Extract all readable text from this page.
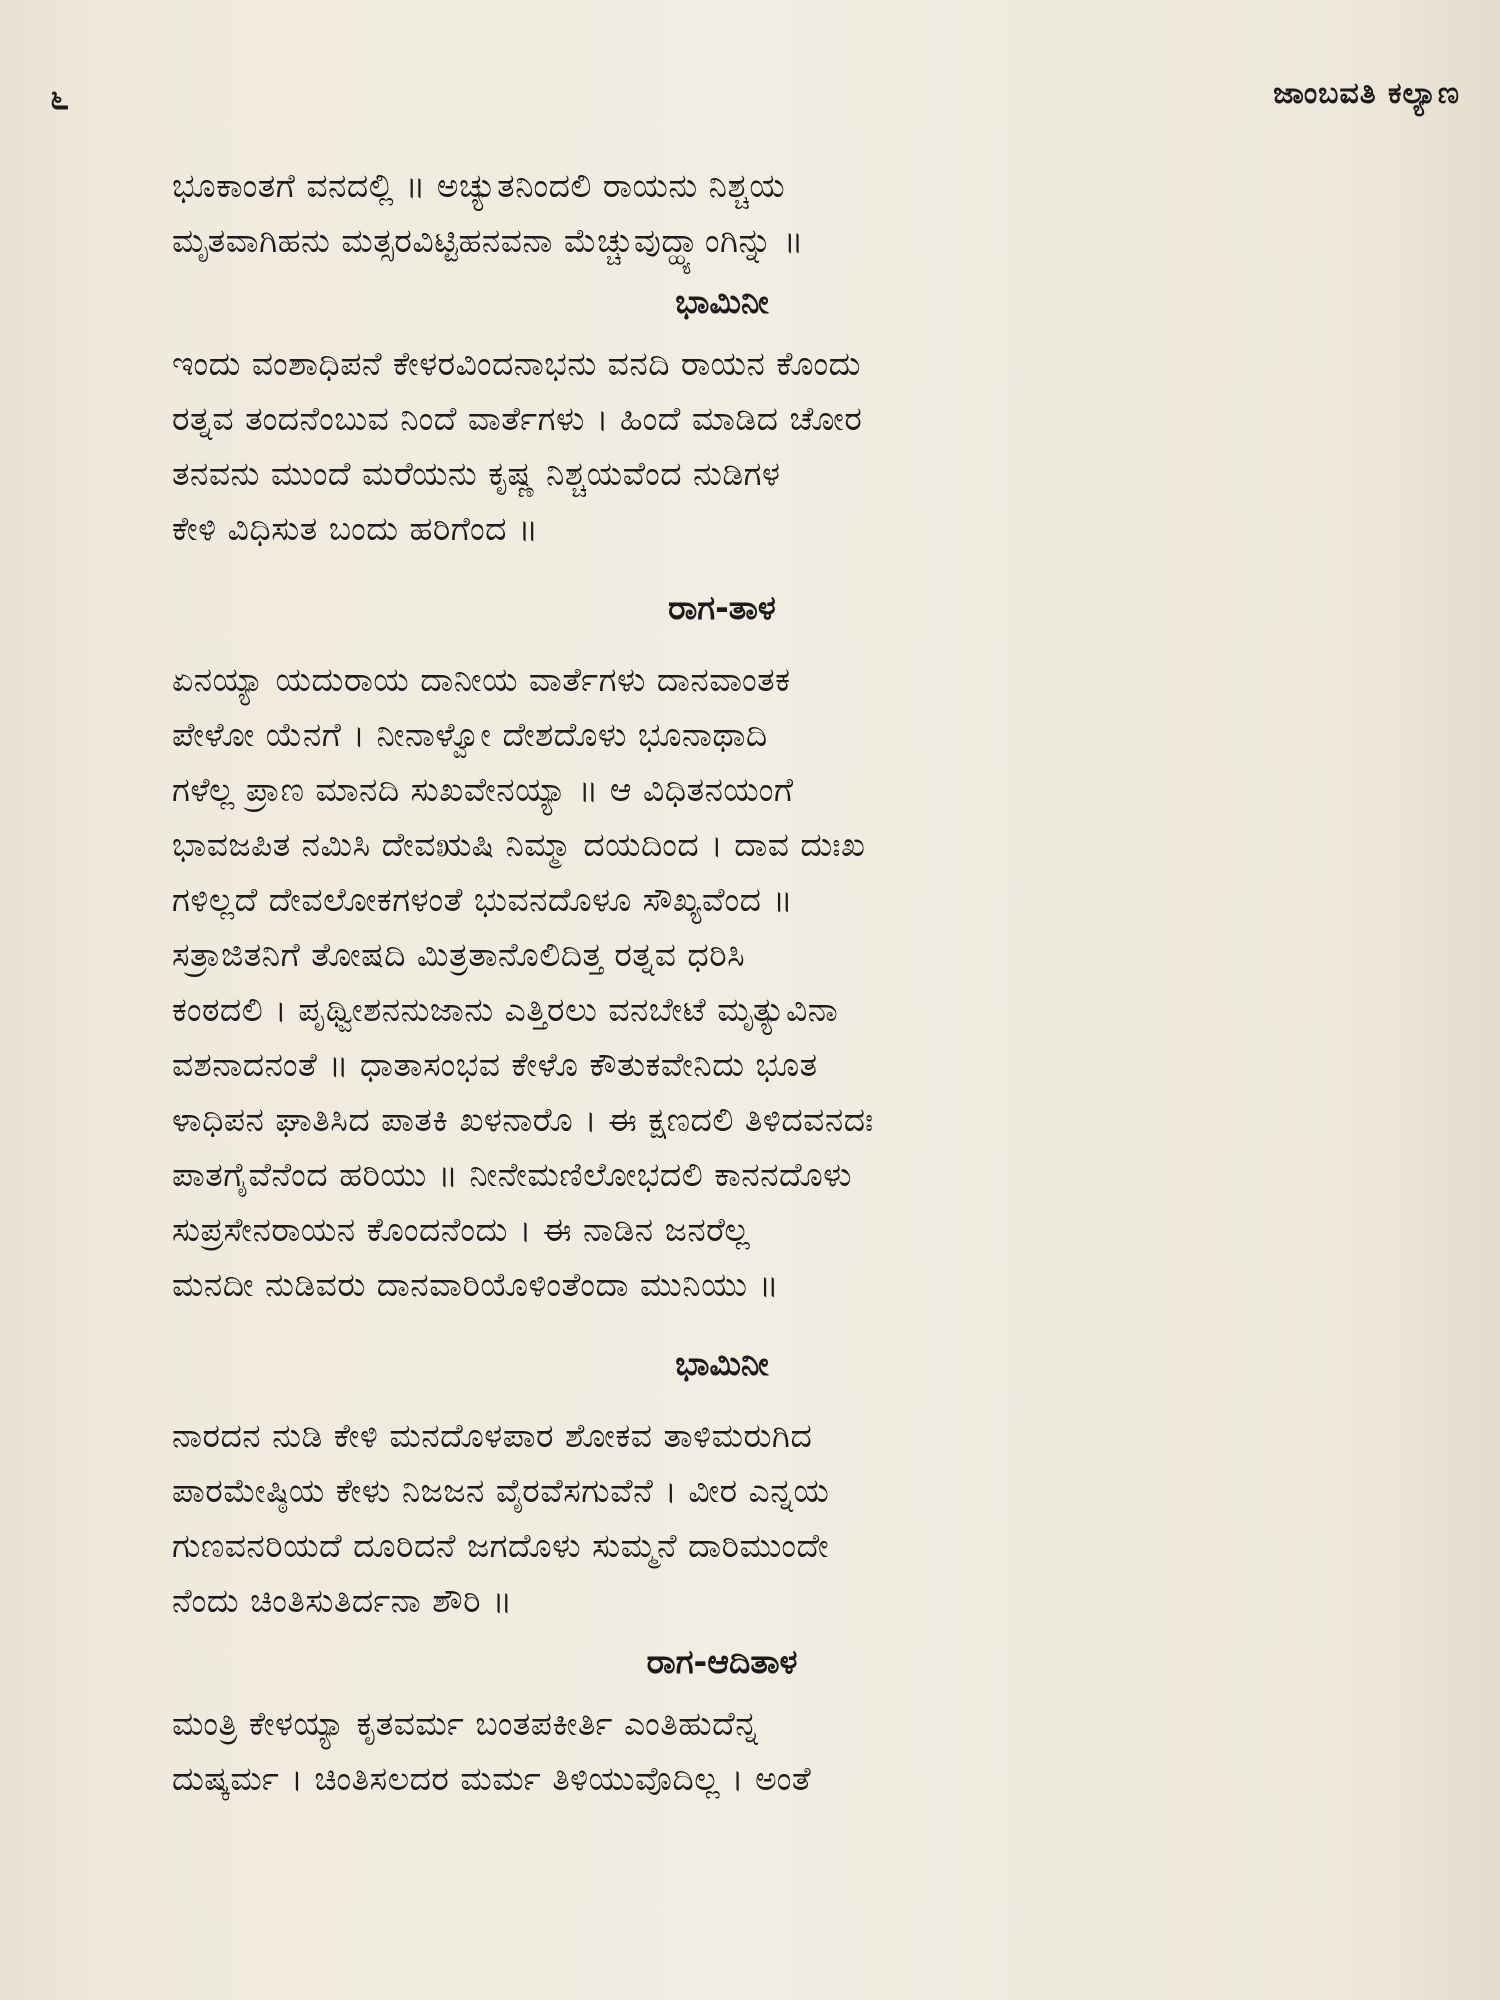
೬	ಜಾಂಬವತಿ ಕಲ್ಯಾಣ
ಭೂಕಾಂತಗೆ ವನದಲ್ಲಿ ॥ ಅಚ್ಯುತನಿಂದಲಿ ರಾಯನು ನಿಶ್ಚಯ
ಮೃತವಾಗಿಹನು ಮತ್ಸರವಿಟ್ಟಿಹನವನಾ ಮೆಚ್ಚುವುದ್ಹ್ಯಾಂಗಿನ್ನು ॥
ಭಾಮಿನೀ
ಇಂದು ವಂಶಾಧಿಪನೆ ಕೇಳರವಿಂದನಾಭನು ವನದಿ ರಾಯನ ಕೊಂದು
ರತ್ನವ ತಂದನೆಂಬುವ ನಿಂದೆ ವಾರ್ತೆಗಳು । ಹಿಂದೆ ಮಾಡಿದ ಚೋರ
ತನವನು ಮುಂದೆ ಮರೆಯನು ಕೃಷ್ಣ ನಿಶ್ಚಯವೆಂದ ನುಡಿಗಳ
ಕೇಳಿ ವಿಧಿಸುತ ಬಂದು ಹರಿಗೆಂದ ॥
ರಾಗ-ತಾಳ
ಏನಯ್ಯಾ ಯದುರಾಯ ದಾನೀಯ ವಾರ್ತೆಗಳು ದಾನವಾಂತಕ
ಪೇಳೋ ಯೆನಗೆ । ನೀನಾಳ್ವೋ ದೇಶದೊಳು ಭೂನಾಥಾದಿ
ಗಳೆಲ್ಲ ಪ್ರಾಣ ಮಾನದಿ ಸುಖವೇನಯ್ಯಾ ॥ ಆ ವಿಧಿತನಯಂಗೆ
ಭಾವಜಪಿತ ನಮಿಸಿ ದೇವಋಷಿ ನಿಮ್ಮಾ ದಯದಿಂದ । ದಾವ ದುಃಖ
ಗಳಿಲ್ಲದೆ ದೇವಲೋಕಗಳಂತೆ ಭುವನದೊಳೂ ಸೌಖ್ಯವೆಂದ ॥
ಸತ್ರಾಜಿತನಿಗೆ ತೋಷದಿ ಮಿತ್ರತಾನೊಲಿದಿತ್ತ ರತ್ನವ ಧರಿಸಿ
ಕಂಠದಲಿ । ಪೃಥ್ವೀಶನನುಜಾನು ಎತ್ತಿರಲು ವನಬೇಟೆ ಮೃತ್ಯುವಿನಾ
ವಶನಾದನಂತೆ ॥ ಧಾತಾಸಂಭವ ಕೇಳೊ ಕೌತುಕವೇನಿದು ಭೂತ
ಳಾಧಿಪನ ಘಾತಿಸಿದ ಪಾತಕಿ ಖಳನಾರೊ । ಈ ಕ್ಷಣದಲಿ ತಿಳಿದವನದಃ
ಪಾತಗೈವೆನೆಂದ ಹರಿಯು ॥ ನೀನೇಮಣಿಲೋಭದಲಿ ಕಾನನದೊಳು
ಸುಪ್ರಸೇನರಾಯನ ಕೊಂದನೆಂದು । ಈ ನಾಡಿನ ಜನರೆಲ್ಲ
ಮನದೀ ನುಡಿವರು ದಾನವಾರಿಯೊಳಿಂತೆಂದಾ ಮುನಿಯು ॥
ಭಾಮಿನೀ
ನಾರದನ ನುಡಿ ಕೇಳಿ ಮನದೊಳಪಾರ ಶೋಕವ ತಾಳಿಮರುಗಿದ
ಪಾರಮೇಷ್ಠಿಯ ಕೇಳು ನಿಜಜನ ವೈರವೆಸಗುವೆನೆ । ವೀರ ಎನ್ನಯ
ಗುಣವನರಿಯದೆ ದೂರಿದನೆ ಜಗದೊಳು ಸುಮ್ಮನೆ ದಾರಿಮುಂದೇ
ನೆಂದು ಚಿಂತಿಸುತಿರ್ದನಾ ಶೌರಿ ॥
ರಾಗ-ಆದಿತಾಳ
ಮಂತ್ರಿ ಕೇಳಯ್ಯಾ ಕೃತವರ್ಮ ಬಂತಪಕೀರ್ತಿ ಎಂತಿಹುದೆನ್ನ
ದುಷ್ಕರ್ಮ । ಚಿಂತಿಸಲದರ ಮರ್ಮ ತಿಳಿಯುವೊದಿಲ್ಲ । ಅಂತೆ
